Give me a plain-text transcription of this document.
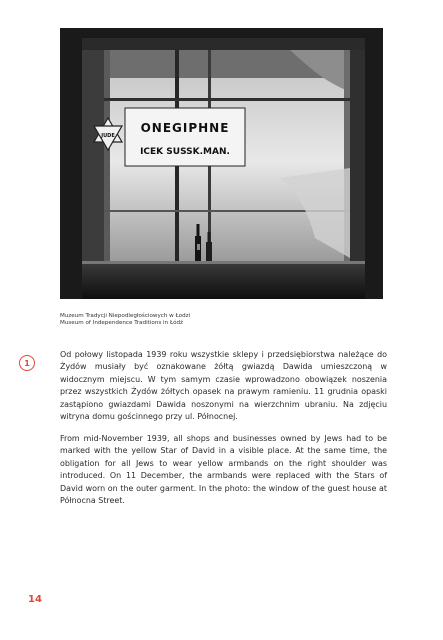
ONEGIPHNE
ICEK SUSSK.MAN.
JUDE
Muzeum Tradycji Niepodległościowych w Łodzi
Museum of Independence Traditions in Łódź
1
Od połowy listopada 1939 roku wszystkie sklepy i przedsiębiorstwa należące do Żydów musiały być oznakowane żółtą gwiazdą Dawida umieszczoną w widocznym miejscu. W tym samym czasie wprowadzono obowiązek noszenia przez wszystkich Żydów żółtych opasek na prawym ramieniu. 11 grudnia opaski zastąpiono gwiazdami Dawida noszonymi na wierzchnim ubraniu. Na zdjęciu witryna domu gościnnego przy ul. Północnej.
From mid-November 1939, all shops and businesses owned by Jews had to be marked with the yellow Star of David in a visible place. At the same time, the obligation for all Jews to wear yellow armbands on the right shoulder was introduced. On 11 December, the armbands were replaced with the Stars of David worn on the outer garment. In the photo: the window of the guest house at Północna Street.
14
